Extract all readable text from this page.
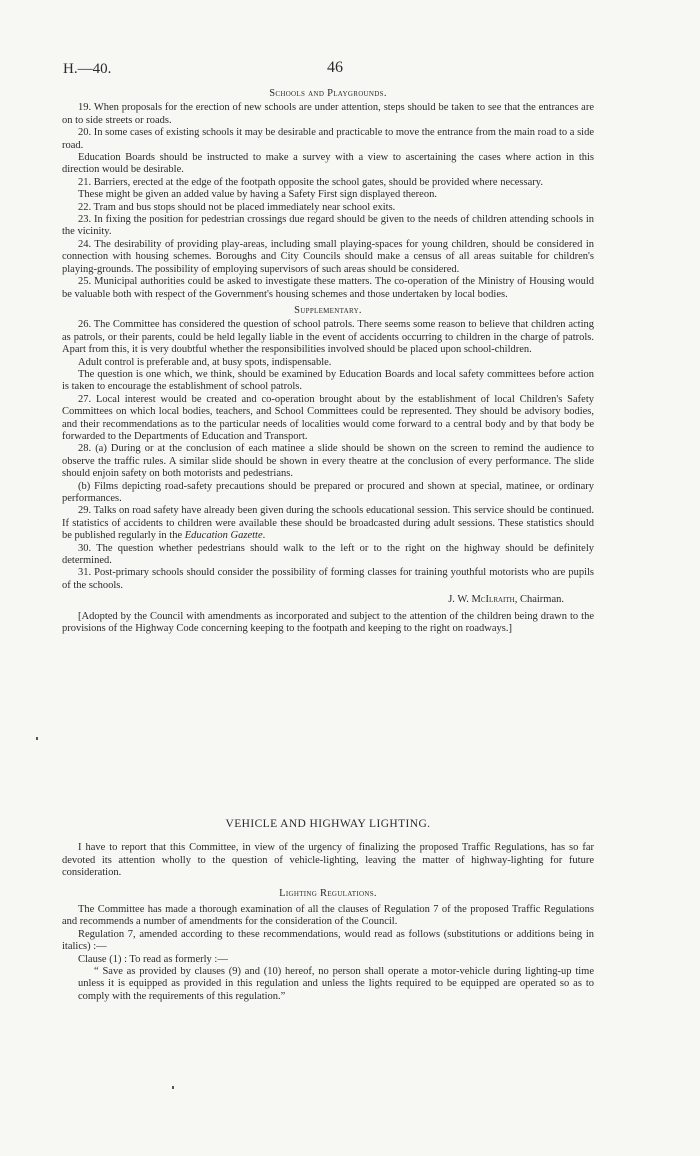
H.—40.	46
Schools and Playgrounds.

19. When proposals for the erection of new schools are under attention, steps should be taken to see that the entrances are on to side streets or roads.

20. In some cases of existing schools it may be desirable and practicable to move the entrance from the main road to a side road.

Education Boards should be instructed to make a survey with a view to ascertaining the cases where action in this direction would be desirable.

21. Barriers, erected at the edge of the footpath opposite the school gates, should be provided where necessary.

These might be given an added value by having a Safety First sign displayed thereon.

22. Tram and bus stops should not be placed immediately near school exits.

23. In fixing the position for pedestrian crossings due regard should be given to the needs of children attending schools in the vicinity.

24. The desirability of providing play-areas, including small playing-spaces for young children, should be considered in connection with housing schemes. Boroughs and City Councils should make a census of all areas suitable for children's playing-grounds. The possibility of employing supervisors of such areas should be considered.

25. Municipal authorities could be asked to investigate these matters. The co-operation of the Ministry of Housing would be valuable both with respect of the Government's housing schemes and those undertaken by local bodies.

Supplementary.

26. The Committee has considered the question of school patrols. There seems some reason to believe that children acting as patrols, or their parents, could be held legally liable in the event of accidents occurring to children in the charge of patrols. Apart from this, it is very doubtful whether the responsibilities involved should be placed upon school-children.

Adult control is preferable and, at busy spots, indispensable.

The question is one which, we think, should be examined by Education Boards and local safety committees before action is taken to encourage the establishment of school patrols.

27. Local interest would be created and co-operation brought about by the establishment of local Children's Safety Committees on which local bodies, teachers, and School Committees could be represented. They should be advisory bodies, and their recommendations as to the particular needs of localities would come forward to a central body and by that body be forwarded to the Departments of Education and Transport.

28. (a) During or at the conclusion of each matinee a slide should be shown on the screen to remind the audience to observe the traffic rules. A similar slide should be shown in every theatre at the conclusion of every performance. The slide should enjoin safety on both motorists and pedestrians.

(b) Films depicting road-safety precautions should be prepared or procured and shown at special, matinee, or ordinary performances.

29. Talks on road safety have already been given during the schools educational session. This service should be continued. If statistics of accidents to children were available these should be broadcasted during adult sessions. These statistics should be published regularly in the Education Gazette.

30. The question whether pedestrians should walk to the left or to the right on the highway should be definitely determined.

31. Post-primary schools should consider the possibility of forming classes for training youthful motorists who are pupils of the schools.

J. W. McIlraith, Chairman.

[Adopted by the Council with amendments as incorporated and subject to the attention of the children being drawn to the provisions of the Highway Code concerning keeping to the footpath and keeping to the right on roadways.]

VEHICLE AND HIGHWAY LIGHTING.

I have to report that this Committee, in view of the urgency of finalizing the proposed Traffic Regulations, has so far devoted its attention wholly to the question of vehicle-lighting, leaving the matter of highway-lighting for future consideration.

Lighting Regulations.

The Committee has made a thorough examination of all the clauses of Regulation 7 of the proposed Traffic Regulations and recommends a number of amendments for the consideration of the Council.

Regulation 7, amended according to these recommendations, would read as follows (substitutions or additions being in italics) :—

Clause (1) : To read as formerly :—

“ Save as provided by clauses (9) and (10) hereof, no person shall operate a motor-vehicle during lighting-up time unless it is equipped as provided in this regulation and unless the lights required to be equipped are operated so as to comply with the requirements of this regulation.”
